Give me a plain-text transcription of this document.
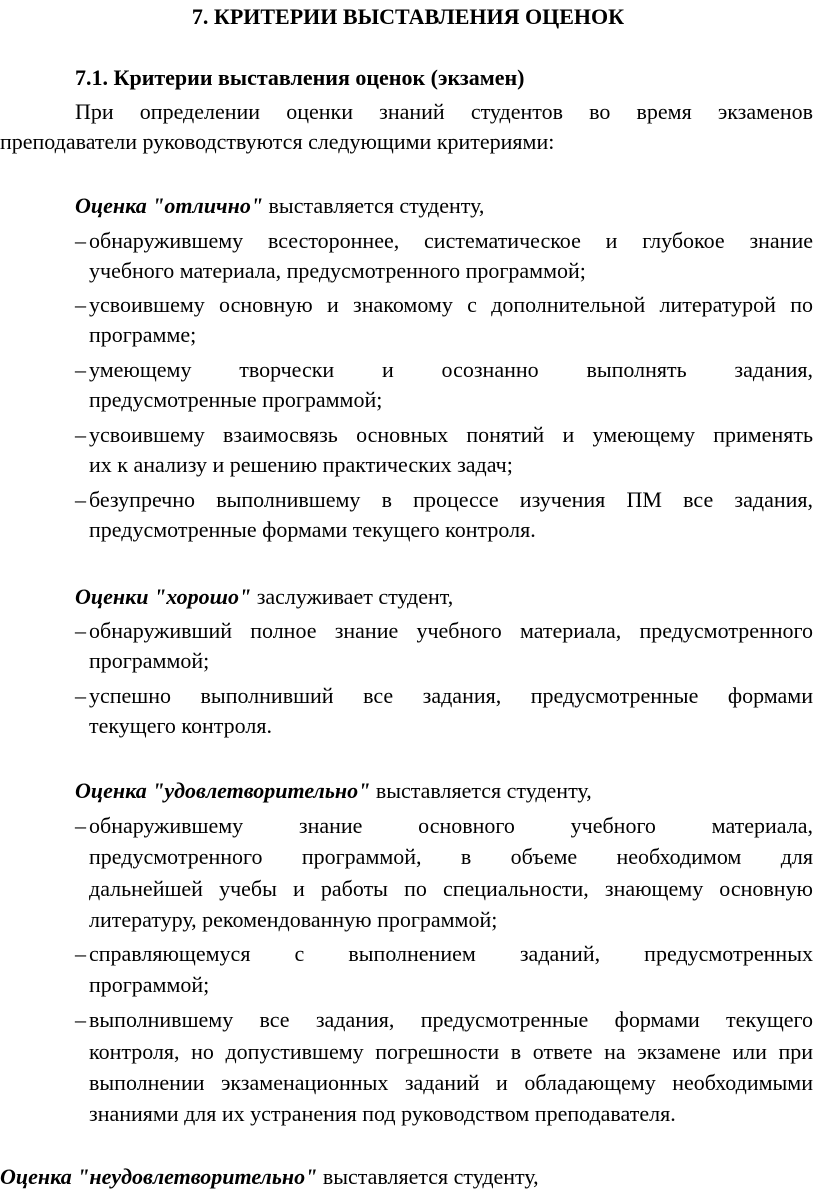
7. КРИТЕРИИ ВЫСТАВЛЕНИЯ ОЦЕНОК
7.1. Критерии выставления оценок (экзамен)
При определении оценки знаний студентов во время экзаменов
преподаватели руководствуются следующими критериями:
Оценка "отлично" выставляется студенту,
– обнаружившему всестороннее, систематическое и глубокое знание
учебного материала, предусмотренного программой;
– усвоившему основную и знакомому с дополнительной литературой по
программе;
– умеющему творчески и осознанно выполнять задания,
предусмотренные программой;
– усвоившему взаимосвязь основных понятий и умеющему применять
их к анализу и решению практических задач;
– безупречно выполнившему в процессе изучения ПМ все задания,
предусмотренные формами текущего контроля.
Оценки "хорошо" заслуживает студент,
– обнаруживший полное знание учебного материала, предусмотренного
программой;
– успешно выполнивший все задания, предусмотренные формами
текущего контроля.
Оценка "удовлетворительно" выставляется студенту,
– обнаружившему знание основного учебного материала,
предусмотренного программой, в объеме необходимом для
дальнейшей учебы и работы по специальности, знающему основную
литературу, рекомендованную программой;
– справляющемуся с выполнением заданий, предусмотренных
программой;
– выполнившему все задания, предусмотренные формами текущего
контроля, но допустившему погрешности в ответе на экзамене или при
выполнении экзаменационных заданий и обладающему необходимыми
знаниями для их устранения под руководством преподавателя.
Оценка "неудовлетворительно" выставляется студенту,
